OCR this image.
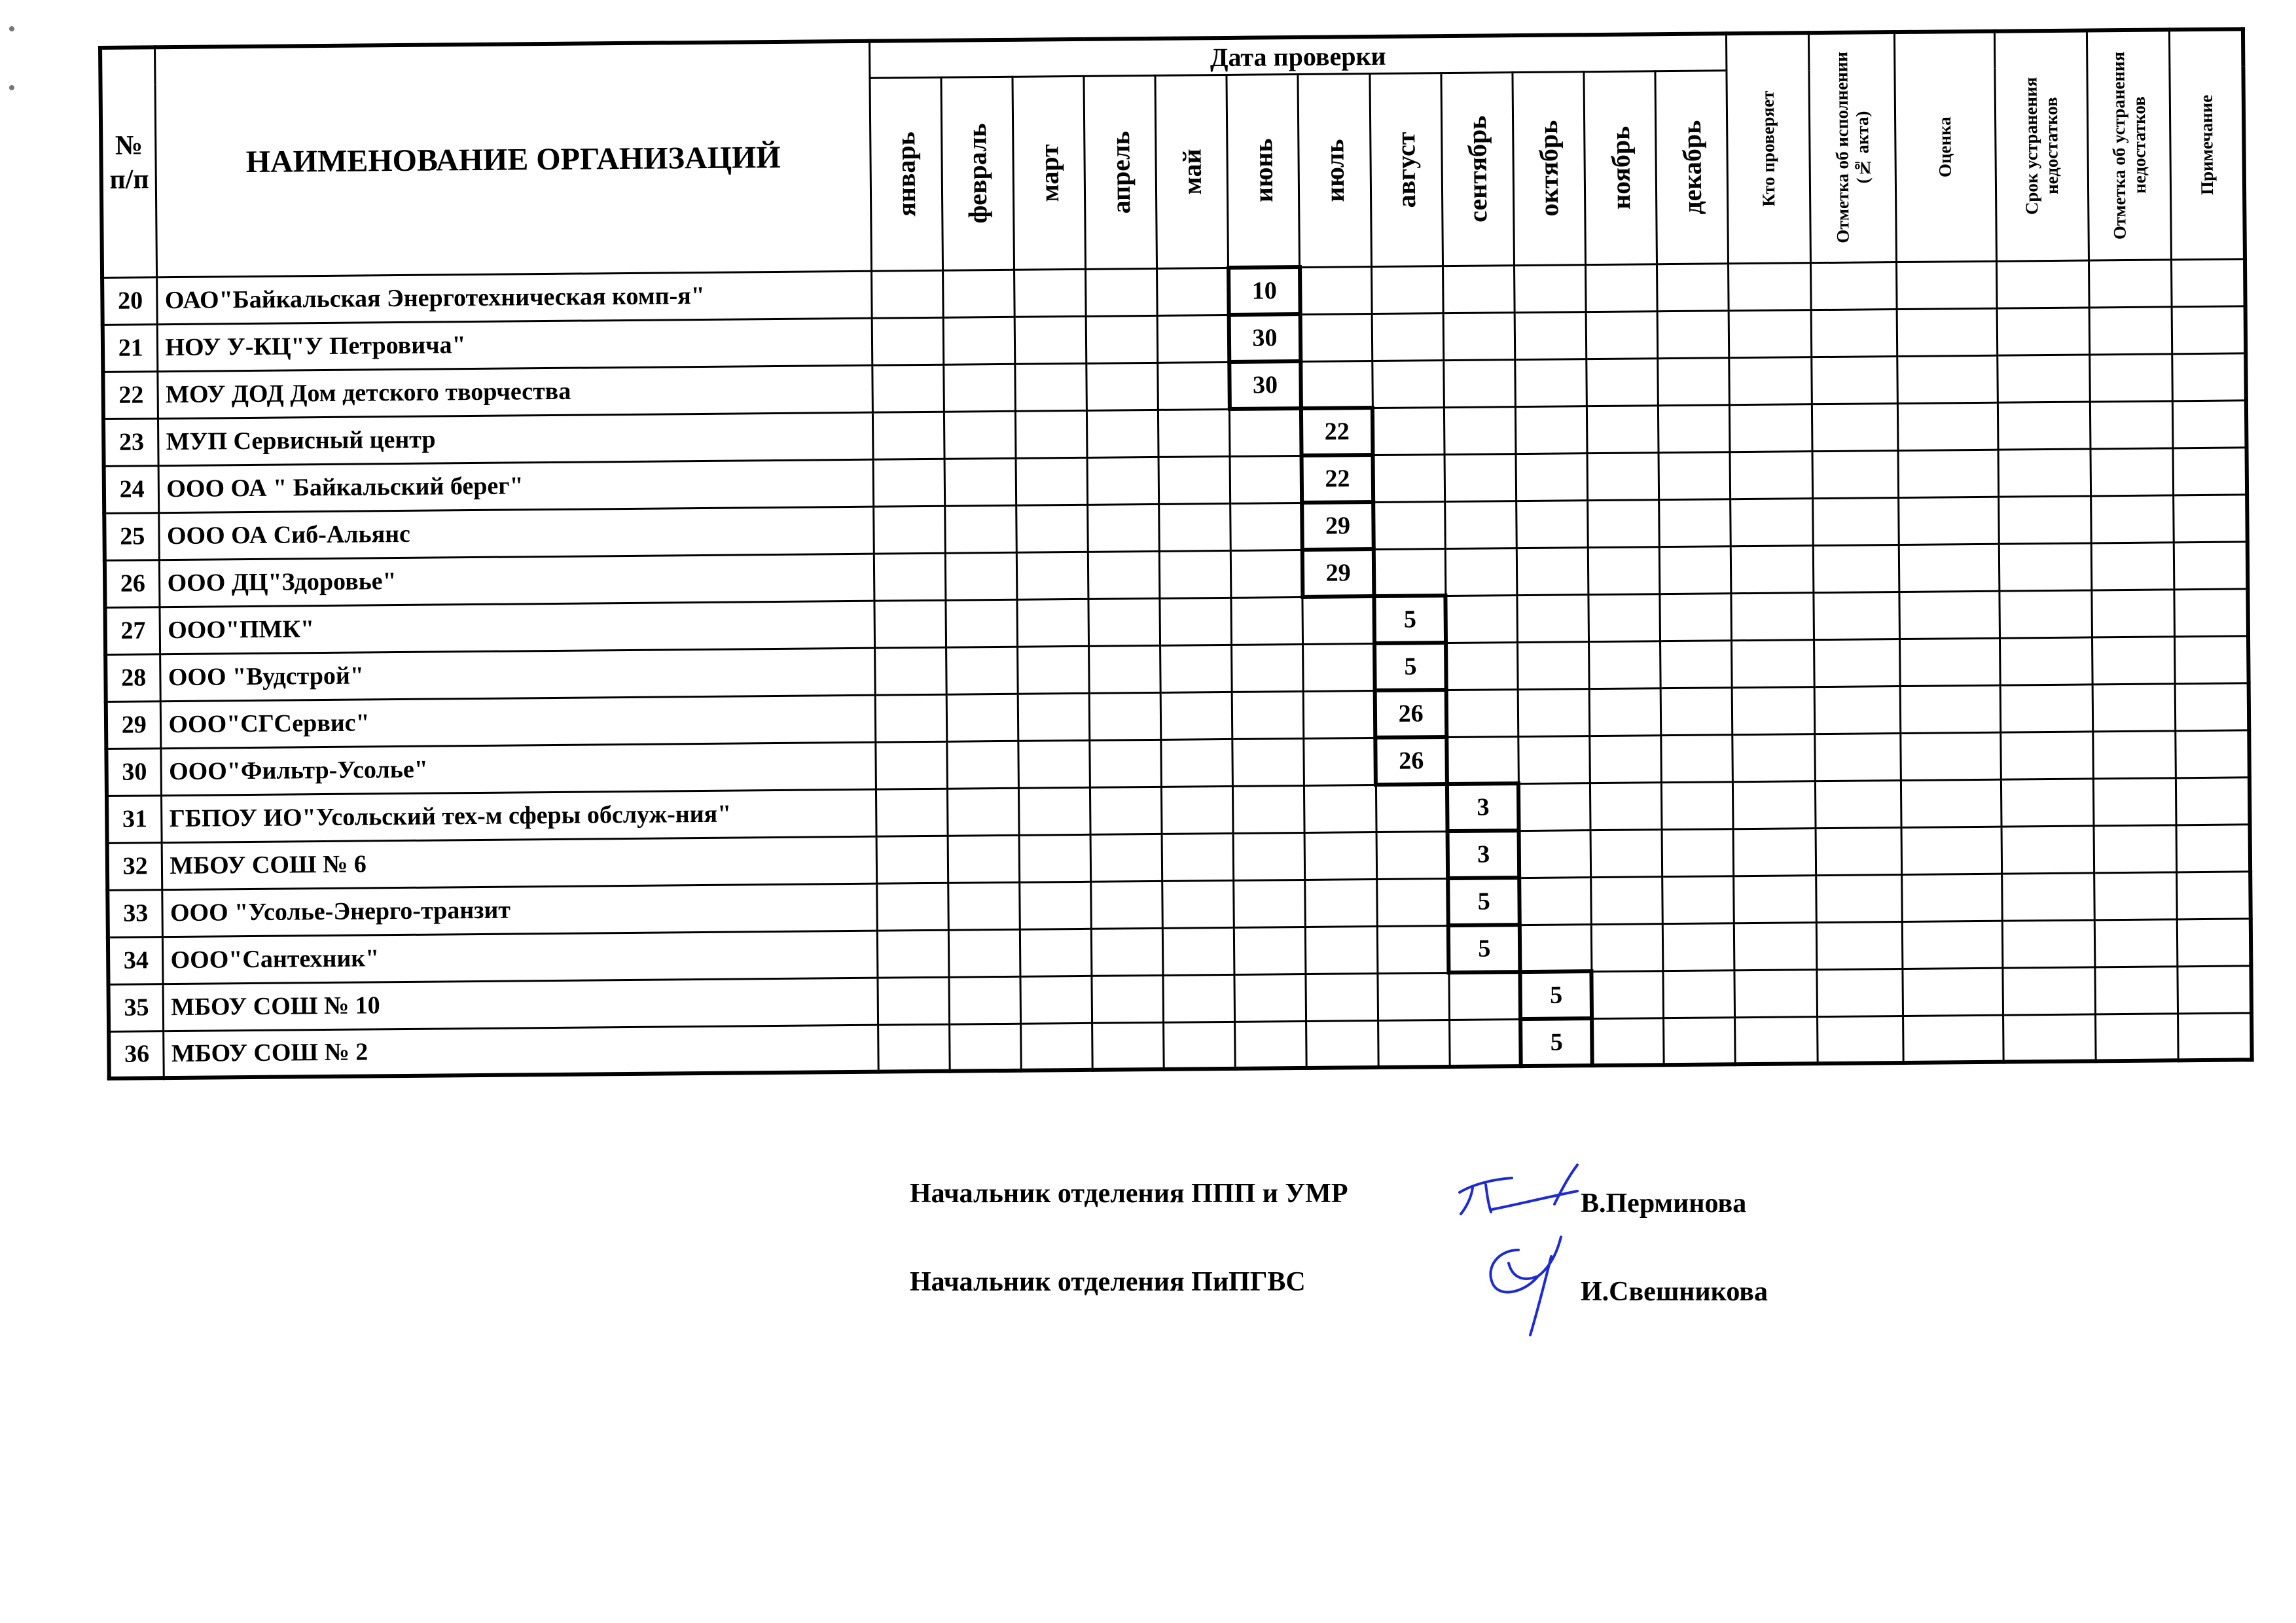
№ п/п	НАИМЕНОВАНИЕ ОРГАНИЗАЦИЙ	Дата проверки												Кто проверяет	Отметка об исполнении (№ акта)	Оценка	Срок устранения недостатков	Отметка об устранения недостатков	Примечание

		январь	февраль	март	апрель	май	июнь	июль	август	сентябрь	октябрь	ноябрь	декабрь						

20	ОАО"Байкальская Энерготехническая комп-я"						10												
21	НОУ У-КЦ"У Петровича"						30												
22	МОУ ДОД Дом детского творчества						30												
23	МУП Сервисный центр							22											
24	ООО ОА " Байкальский берег"							22											
25	ООО ОА Сиб-Альянс							29											
26	ООО ДЦ"Здоровье"							29											
27	ООО"ПМК"								5										
28	ООО "Вудстрой"								5										
29	ООО"СГСервис"								26										
30	ООО"Фильтр-Усолье"								26										
31	ГБПОУ ИО"Усольский тех-м сферы обслуж-ния"									3									
32	МБОУ СОШ № 6									3									
33	ООО "Усолье-Энерго-транзит									5									
34	ООО"Сантехник"									5									
35	МБОУ СОШ № 10										5								
36	МБОУ СОШ № 2										5								
Начальник отделения ППП и УМР	В.Перминова
Начальник отделения ПиПГВС	И.Свешникова
